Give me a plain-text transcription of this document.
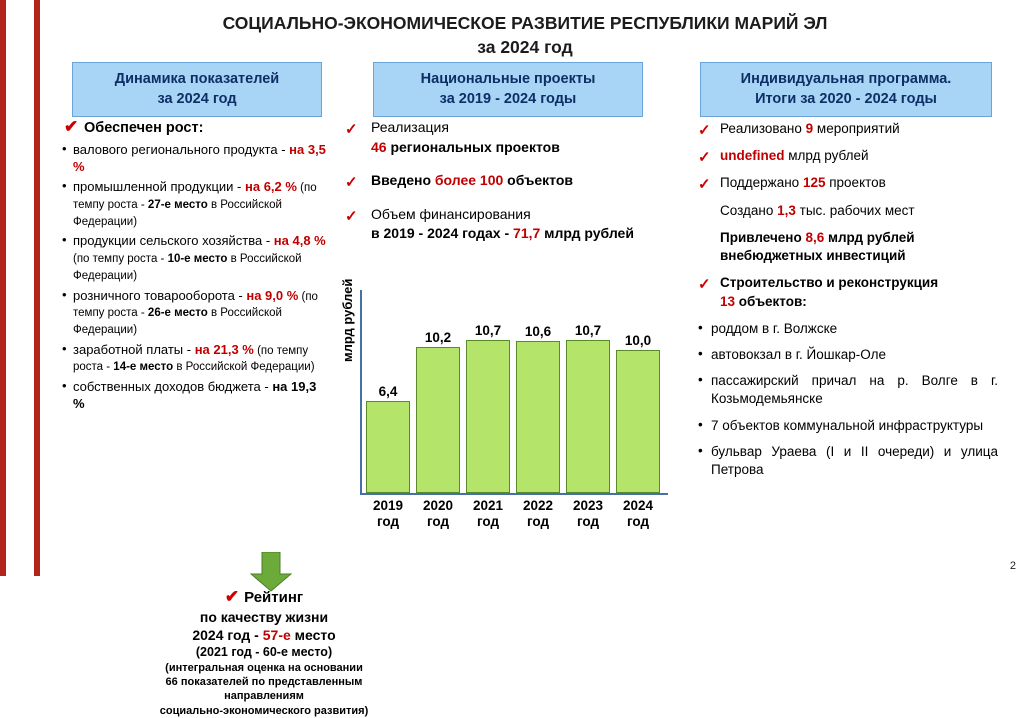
СОЦИАЛЬНО-ЭКОНОМИЧЕСКОЕ РАЗВИТИЕ РЕСПУБЛИКИ МАРИЙ ЭЛ
за 2024 год
Динамика показателей
за 2024 год
Национальные проекты
за 2019 - 2024 годы
Индивидуальная программа.
Итоги за 2020 - 2024 годы
✔ Обеспечен рост:
• валового регионального продукта - на 3,5 %
• промышленной продукции - на 6,2 % (по темпу роста - 27-е место в Российской Федерации)
• продукции сельского хозяйства - на 4,8 % (по темпу роста - 10-е место в Российской Федерации)
• розничного товарооборота - на 9,0 % (по темпу роста - 26-е место в Российской Федерации)
• заработной платы - на 21,3 % (по темпу роста - 14-е место в Российской Федерации)
• собственных доходов бюджета - на 19,3 %
✔ Рейтинг
по качеству жизни
2024 год - 57-е место
(2021 год - 60-е место)
(интегральная оценка на основании
66 показателей по представленным направлениям
социально-экономического развития)
✓ Реализация
46 региональных проектов
✓ Введено более 100 объектов
✓ Объем финансирования
в 2019 - 2024 годах - 71,7 млрд рублей
млрд рублей
6,4
10,2	10,7	10,6	10,7
10,0
2019
год
2020
год
2021
год
2022
год
2023
год
2024
год
✓ Реализовано 9 мероприятий
✓ undefined млрд рублей
✓ Поддержано 125 проектов
Создано 1,3 тыс. рабочих мест
Привлечено 8,6 млрд рублей
внебюджетных инвестиций
✓ Строительство и реконструкция
13 объектов:
• роддом в г. Волжске
• автовокзал в г. Йошкар-Оле
• пассажирский причал на р. Волге в г. Козьмодемьянске
• 7 объектов коммунальной инфраструктуры
• бульвар Ураева (I и II очереди) и улица Петрова
2
